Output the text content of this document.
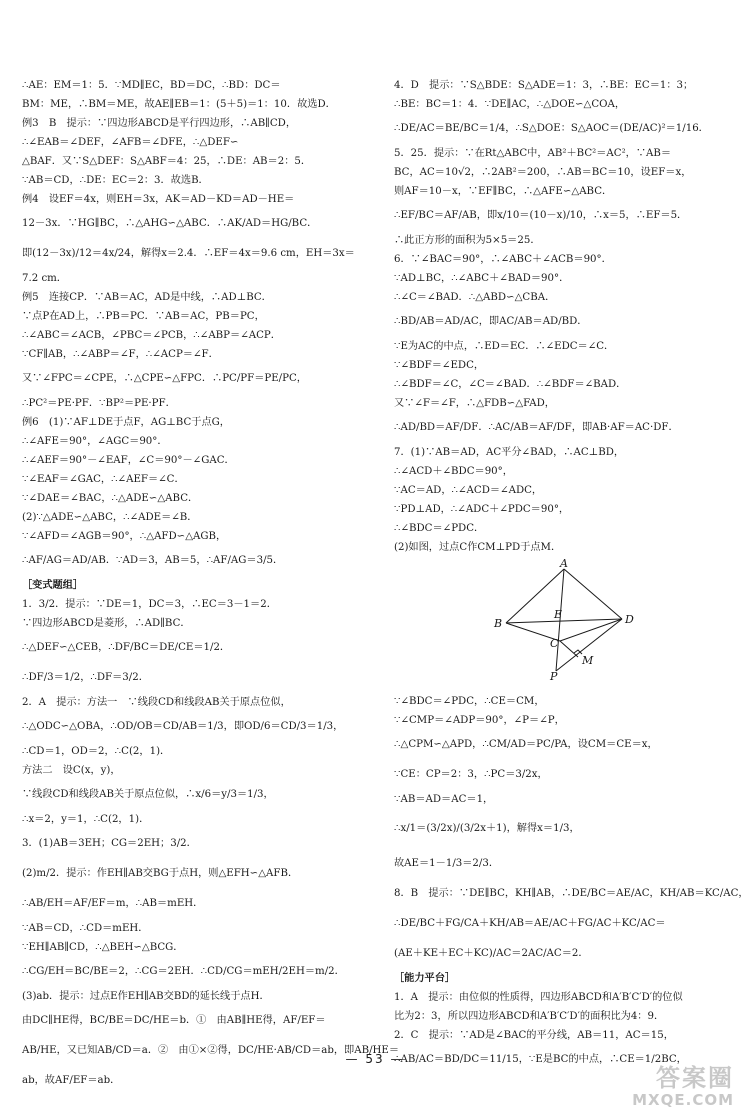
∴AE：EM＝1：5．∵MD∥EC，BD＝DC，∴BD：DC＝

BM：ME，∴BM＝ME，故AE∥EB＝1：(5＋5)＝1：10．故选D．

例3　B　提示：∵四边形ABCD是平行四边形，∴AB∥CD，

∴∠EAB＝∠DEF，∠AFB＝∠DFE，∴△DEF∽

△BAF．又∵S△DEF：S△ABF＝4：25，∴DE：AB＝2：5．

∵AB＝CD，∴DE：EC＝2：3．故选B．

例4　设EF＝4x，则EH＝3x，AK＝AD－KD＝AD－HE＝

12－3x．∵HG∥BC，∴△AHG∽△ABC．∴AK/AD＝HG/BC．

即(12－3x)/12＝4x/24，解得x＝2.4．∴EF＝4x＝9.6 cm，EH＝3x＝

7.2 cm．

例5　连接CP．∵AB＝AC，AD是中线，∴AD⊥BC．

∵点P在AD上，∴PB＝PC．∵AB＝AC，PB＝PC，

∴∠ABC＝∠ACB，∠PBC＝∠PCB，∴∠ABP＝∠ACP．

∵CF∥AB，∴∠ABP＝∠F，∴∠ACP＝∠F．

又∵∠FPC＝∠CPE，∴△CPE∽△FPC．∴PC/PF＝PE/PC，

∴PC²＝PE·PF．∵BP²＝PE·PF．

例6　(1)∵AF⊥DE于点F，AG⊥BC于点G，

∴∠AFE＝90°，∠AGC＝90°．

∴∠AEF＝90°－∠EAF，∠C＝90°－∠GAC．

∵∠EAF＝∠GAC，∴∠AEF＝∠C．

∵∠DAE＝∠BAC，∴△ADE∽△ABC．

(2)∵△ADE∽△ABC，∴∠ADE＝∠B．

∵∠AFD＝∠AGB＝90°，∴△AFD∽△AGB，

∴AF/AG＝AD/AB．∵AD＝3，AB＝5，∴AF/AG＝3/5．

［变式题组］

1．3/2．提示：∵DE＝1，DC＝3，∴EC＝3－1＝2．

∵四边形ABCD是菱形，∴AD∥BC．

∴△DEF∽△CEB，∴DF/BC＝DE/CE＝1/2．

∴DF/3＝1/2，∴DF＝3/2．

2．A　提示：方法一　∵线段CD和线段AB关于原点位似，

∴△ODC∽△OBA，∴OD/OB＝CD/AB＝1/3，即OD/6＝CD/3＝1/3，

∴CD＝1，OD＝2，∴C(2，1)．

方法二　设C(x，y)，

∵线段CD和线段AB关于原点位似，∴x/6＝y/3＝1/3，

∴x＝2，y＝1，∴C(2，1)．

3．(1)AB＝3EH；CG＝2EH；3/2．

(2)m/2．提示：作EH∥AB交BG于点H，则△EFH∽△AFB．

∴AB/EH＝AF/EF＝m，∴AB＝mEH．

∵AB＝CD，∴CD＝mEH．

∵EH∥AB∥CD，∴△BEH∽△BCG．

∴CG/EH＝BC/BE＝2，∴CG＝2EH．∴CD/CG＝mEH/2EH＝m/2．

(3)ab．提示：过点E作EH∥AB交BD的延长线于点H．

由DC∥HE得，BC/BE＝DC/HE＝b．①　由AB∥HE得，AF/EF＝

AB/HE，又已知AB/CD＝a．②　由①×②得，DC/HE·AB/CD＝ab，即AB/HE＝

ab，故AF/EF＝ab．

4．D　提示：∵S△BDE：S△ADE＝1：3，∴BE：EC＝1：3；

∴BE：BC＝1：4．∵DE∥AC，∴△DOE∽△COA，

∴DE/AC＝BE/BC＝1/4，∴S△DOE：S△AOC＝(DE/AC)²＝1/16．

5．25．提示：∵在Rt△ABC中，AB²＋BC²＝AC²，∵AB＝

BC，AC＝10√2，∴2AB²＝200，∴AB＝BC＝10，设EF＝x，

则AF＝10－x，∵EF∥BC，∴△AFE∽△ABC．

∴EF/BC＝AF/AB，即x/10＝(10－x)/10，∴x＝5，∴EF＝5．

∴此正方形的面积为5×5＝25．

6．∵∠BAC＝90°，∴∠ABC＋∠ACB＝90°．

∵AD⊥BC，∴∠ABC＋∠BAD＝90°．

∴∠C＝∠BAD．∴△ABD∽△CBA．

∴BD/AB＝AD/AC，即AC/AB＝AD/BD．

∵E为AC的中点，∴ED＝EC．∴∠EDC＝∠C．

∵∠BDF＝∠EDC，

∴∠BDF＝∠C，∠C＝∠BAD．∴∠BDF＝∠BAD．

又∵∠F＝∠F，∴△FDB∽△FAD，

∴AD/BD＝AF/DF．∴AC/AB＝AF/DF，即AB·AF＝AC·DF．

7．(1)∵AB＝AD，AC平分∠BAD，∴AC⊥BD，

∴∠ACD＋∠BDC＝90°，

∵AC＝AD，∴∠ACD＝∠ADC，

∵PD⊥AD，∴∠ADC＋∠PDC＝90°，

∴∠BDC＝∠PDC．

(2)如图，过点C作CM⊥PD于点M．

A
B	D
E
C
M
P

∵∠BDC＝∠PDC，∴CE＝CM，

∵∠CMP＝∠ADP＝90°，∠P＝∠P，

∴△CPM∽△APD，∴CM/AD＝PC/PA，设CM＝CE＝x，

∵CE：CP＝2：3，∴PC＝3/2x，

∵AB＝AD＝AC＝1，

∴x/1＝(3/2x)/(3/2x＋1)，解得x＝1/3，

故AE＝1－1/3＝2/3．

8．B　提示：∵DE∥BC，KH∥AB，∴DE/BC＝AE/AC，KH/AB＝KC/AC，

∴DE/BC＋FG/CA＋KH/AB＝AE/AC＋FG/AC＋KC/AC＝

(AE＋KE＋EC＋KC)/AC＝2AC/AC＝2．

［能力平台］

1．A　提示：由位似的性质得，四边形ABCD和A′B′C′D′的位似

比为2：3，所以四边形ABCD和A′B′C′D′的面积比为4：9．

2．C　提示：∵AD是∠BAC的平分线，AB＝11，AC＝15，

∴AB/AC＝BD/DC＝11/15，∵E是BC的中点，∴CE＝1/2BC，

— 53 —
答案圈
MXQE.COM
